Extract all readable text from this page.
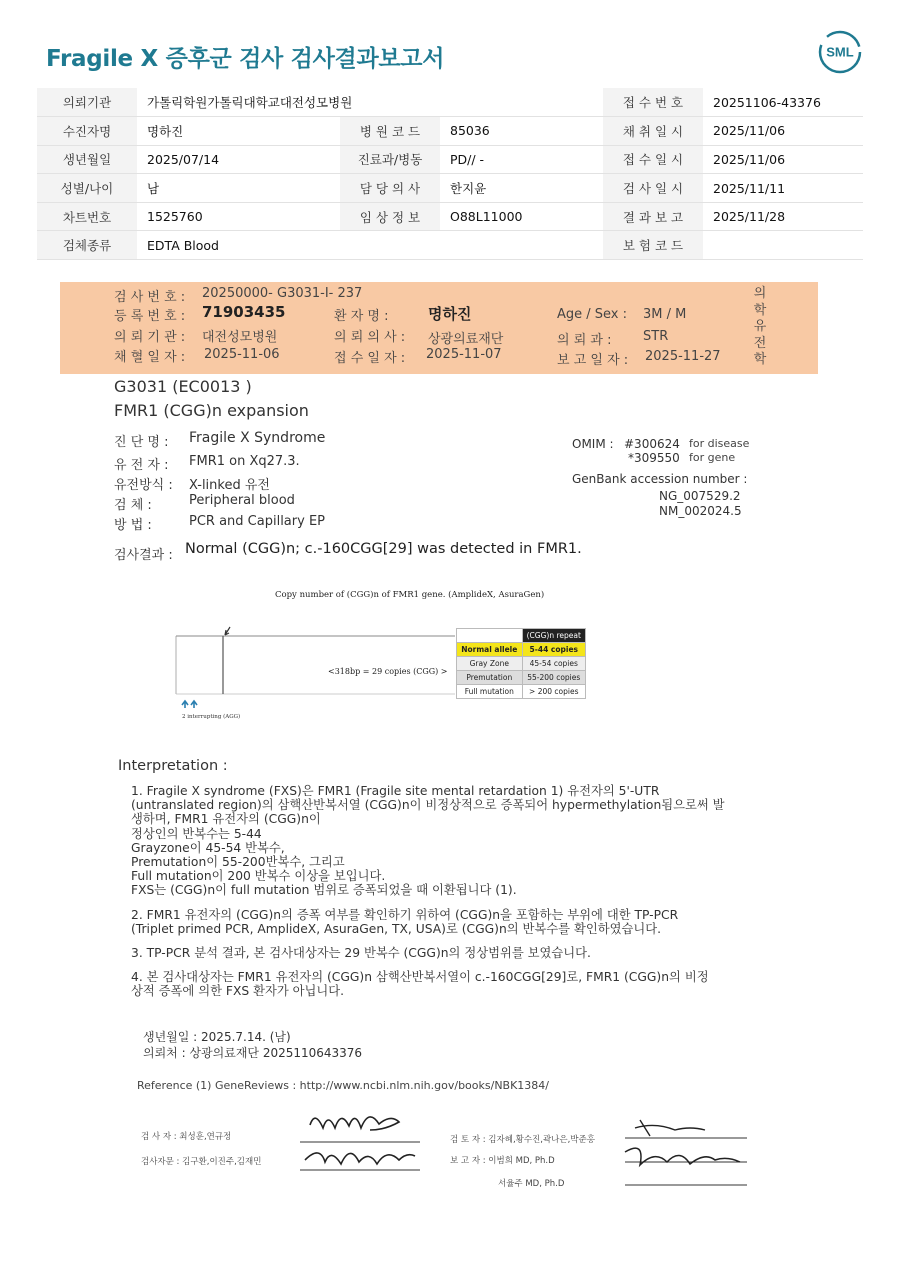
Fragile X 증후군 검사 검사결과보고서	SML
의뢰기관	가톨릭학원가톨릭대학교대전성모병원			접 수 번 호	20251106-43376
수진자명	명하진	병 원 코 드	85036	채 취 일 시	2025/11/06
생년월일	2025/07/14	진료과/병동	PD// -	접 수 일 시	2025/11/06
성별/나이	남	담 당 의 사	한지윤	검 사 일 시	2025/11/11
차트번호	1525760	임 상 정 보	O88L11000	결 과 보 고	2025/11/28
검체종류	EDTA Blood			보 험 코 드	
검 사 번 호 : 20250000- G3031-I- 237
등 록 번 호 : 71903435	환 자 명 :	명하진	Age / Sex : 3M / M
의 뢰 기 관 : 대전성모병원	의 뢰 의 사 : 상광의료재단	의 뢰 과 : STR
채 혈 일 자 : 2025-11-06	접 수 일 자 : 2025-11-07	보 고 일 자 : 2025-11-27
의
학
유
전
학
G3031 (EC0013 )
FMR1 (CGG)n expansion
진 단 명 : Fragile X Syndrome
유 전 자 : FMR1 on Xq27.3.
유전방식 : X-linked 유전
검 체 :	Peripheral blood
방 법 :	PCR and Capillary EP
OMIM : #300624 for disease
*309550 for gene
GenBank accession number :
NG_007529.2
NM_002024.5
검사결과 : Normal (CGG)n; c.-160CGG[29] was detected in FMR1.
Copy number of (CGG)n of FMR1 gene. (AmplideX, AsuraGen)
<318bp = 29 copies (CGG) >
2 interrupting (AGG)
	(CGG)n repeat
Normal allele	5-44 copies
Gray Zone	45-54 copies
Premutation	55-200 copies
Full mutation	> 200 copies
Interpretation :
1. Fragile X syndrome (FXS)은 FMR1 (Fragile site mental retardation 1) 유전자의 5'-UTR
(untranslated region)의 삼핵산반복서열 (CGG)n이 비정상적으로 증폭되어 hypermethylation됨으로써 발
생하며, FMR1 유전자의 (CGG)n이
정상인의 반복수는 5-44
Grayzone이 45-54 반복수,
Premutation이 55-200반복수, 그리고
Full mutation이 200 반복수 이상을 보입니다.
FXS는 (CGG)n이 full mutation 범위로 증폭되었을 때 이환됩니다 (1).
2. FMR1 유전자의 (CGG)n의 증폭 여부를 확인하기 위하여 (CGG)n을 포함하는 부위에 대한 TP-PCR
(Triplet primed PCR, AmplideX, AsuraGen, TX, USA)로 (CGG)n의 반복수를 확인하였습니다.
3. TP-PCR 분석 결과, 본 검사대상자는 29 반복수 (CGG)n의 정상범위를 보였습니다.
4. 본 검사대상자는 FMR1 유전자의 (CGG)n 삼핵산반복서열이 c.-160CGG[29]로, FMR1 (CGG)n의 비정
상적 증폭에 의한 FXS 환자가 아닙니다.
생년월일 : 2025.7.14. (남)
의뢰처 : 상광의료재단 2025110643376
Reference (1) GeneReviews : http://www.ncbi.nlm.nih.gov/books/NBK1384/
검 사 자 : 최성훈,연규정
검사자문 : 김구환,이진주,김재민
검 토 자 : 김자혜,황수진,곽나은,박준홍
보 고 자 : 이범희 MD, Ph.D
서율주 MD, Ph.D
